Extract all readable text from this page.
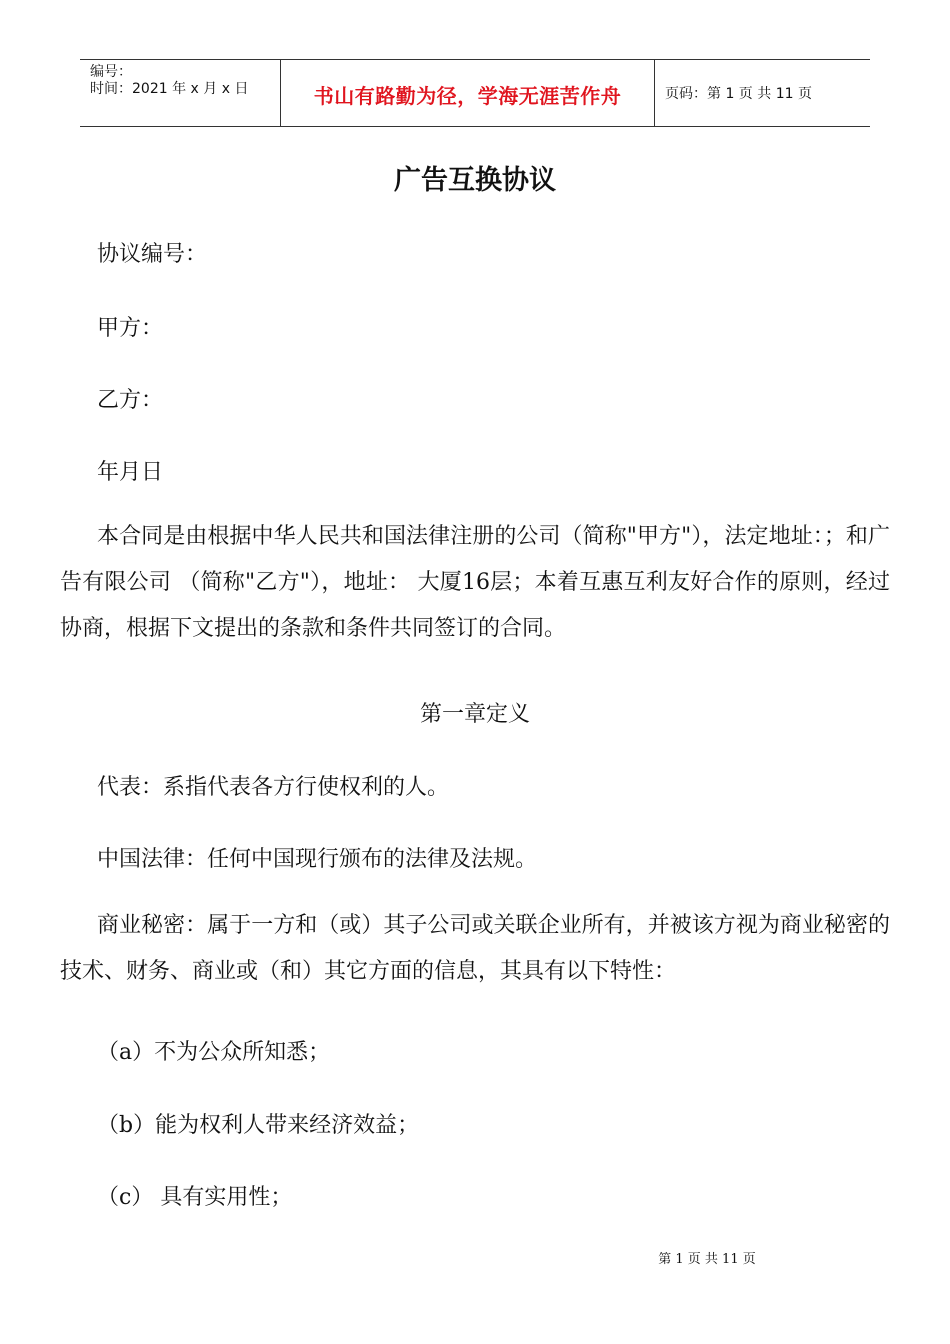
编号：
时间：2021 年 x 月 x 日	书山有路勤为径，学海无涯苦作舟	页码：第 1 页 共 11 页
广告互换协议
协议编号：
甲方：
乙方：
年月日
本合同是由根据中华人民共和国法律注册的公司（简称"甲方"），法定地址：；和广告有限公司 （简称"乙方"），地址： 大厦16层；本着互惠互利友好合作的原则，经过协商，根据下文提出的条款和条件共同签订的合同。
第一章定义
代表：系指代表各方行使权利的人。
中国法律：任何中国现行颁布的法律及法规。
商业秘密：属于一方和（或）其子公司或关联企业所有，并被该方视为商业秘密的技术、财务、商业或（和）其它方面的信息，其具有以下特性：
（a）不为公众所知悉；
（b）能为权利人带来经济效益；
（c） 具有实用性；
第 1 页 共 11 页
